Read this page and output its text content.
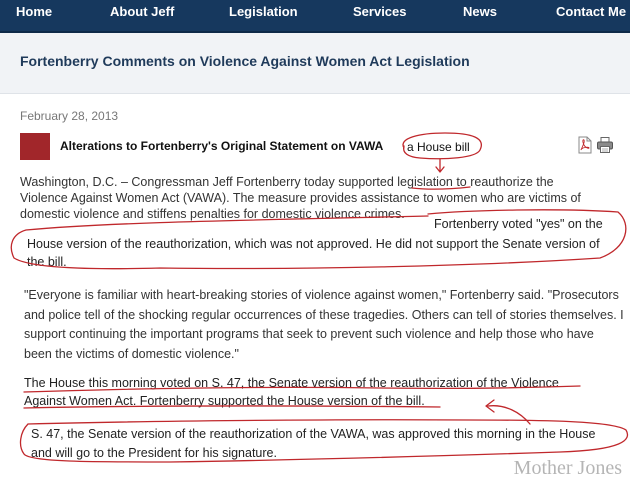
Home	About Jeff	Legislation	Services	News	Contact Me
Fortenberry Comments on Violence Against Women Act Legislation
February 28, 2013
Alterations to Fortenberry's Original Statement on VAWA a House bill

Washington, D.C. – Congressman Jeff Fortenberry today supported legislation to reauthorize the
Violence Against Women Act (VAWA). The measure provides assistance to women who are victims of
domestic violence and stiffens penalties for domestic violence crimes.

Fortenberry voted "yes" on the
House version of the reauthorization, which was not approved. He did not support the Senate version of
the bill.

"Everyone is familiar with heart-breaking stories of violence against women," Fortenberry said. "Prosecutors and police tell of the shocking regular occurrences of these tragedies. Others can tell of stories themselves. I support continuing the important programs that seek to prevent such violence and help those who have been the victims of domestic violence."

The House this morning voted on S. 47, the Senate version of the reauthorization of the Violence Against Women Act. Fortenberry supported the House version of the bill.

S. 47, the Senate version of the reauthorization of the VAWA, was approved this morning in the House
and will go to the President for his signature.
Mother Jones
